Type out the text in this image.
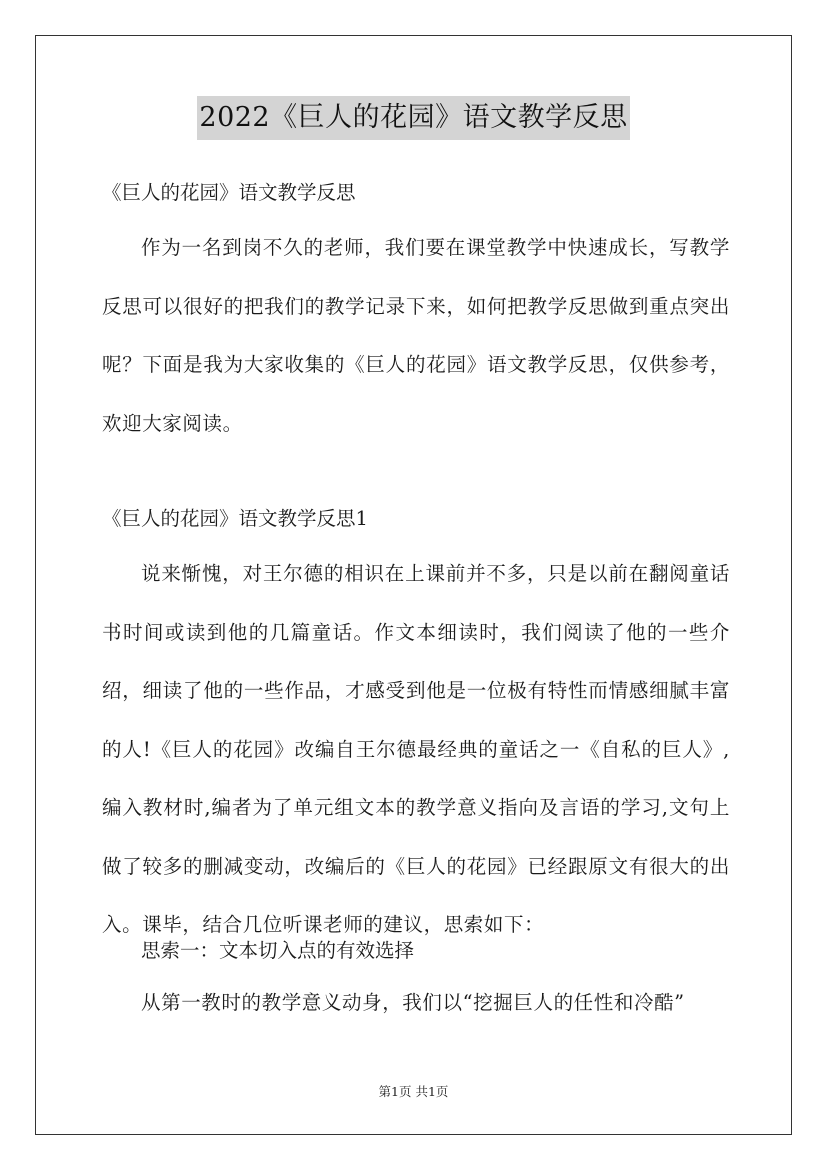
2022《巨人的花园》语文教学反思

《巨人的花园》语文教学反思

作为一名到岗不久的老师，我们要在课堂教学中快速成长，写教学反思可以很好的把我们的教学记录下来，如何把教学反思做到重点突出呢？下面是我为大家收集的《巨人的花园》语文教学反思，仅供参考，欢迎大家阅读。

《巨人的花园》语文教学反思1

说来惭愧，对王尔德的相识在上课前并不多，只是以前在翻阅童话书时间或读到他的几篇童话。作文本细读时，我们阅读了他的一些介绍，细读了他的一些作品，才感受到他是一位极有特性而情感细腻丰富的人!《巨人的花园》改编自王尔德最经典的童话之一《自私的巨人》,编入教材时,编者为了单元组文本的教学意义指向及言语的学习,文句上做了较多的删减变动，改编后的《巨人的花园》已经跟原文有很大的出入。课毕，结合几位听课老师的建议，思索如下：

思索一：文本切入点的有效选择

从第一教时的教学意义动身，我们以“挖掘巨人的任性和冷酷”

第1页 共1页
